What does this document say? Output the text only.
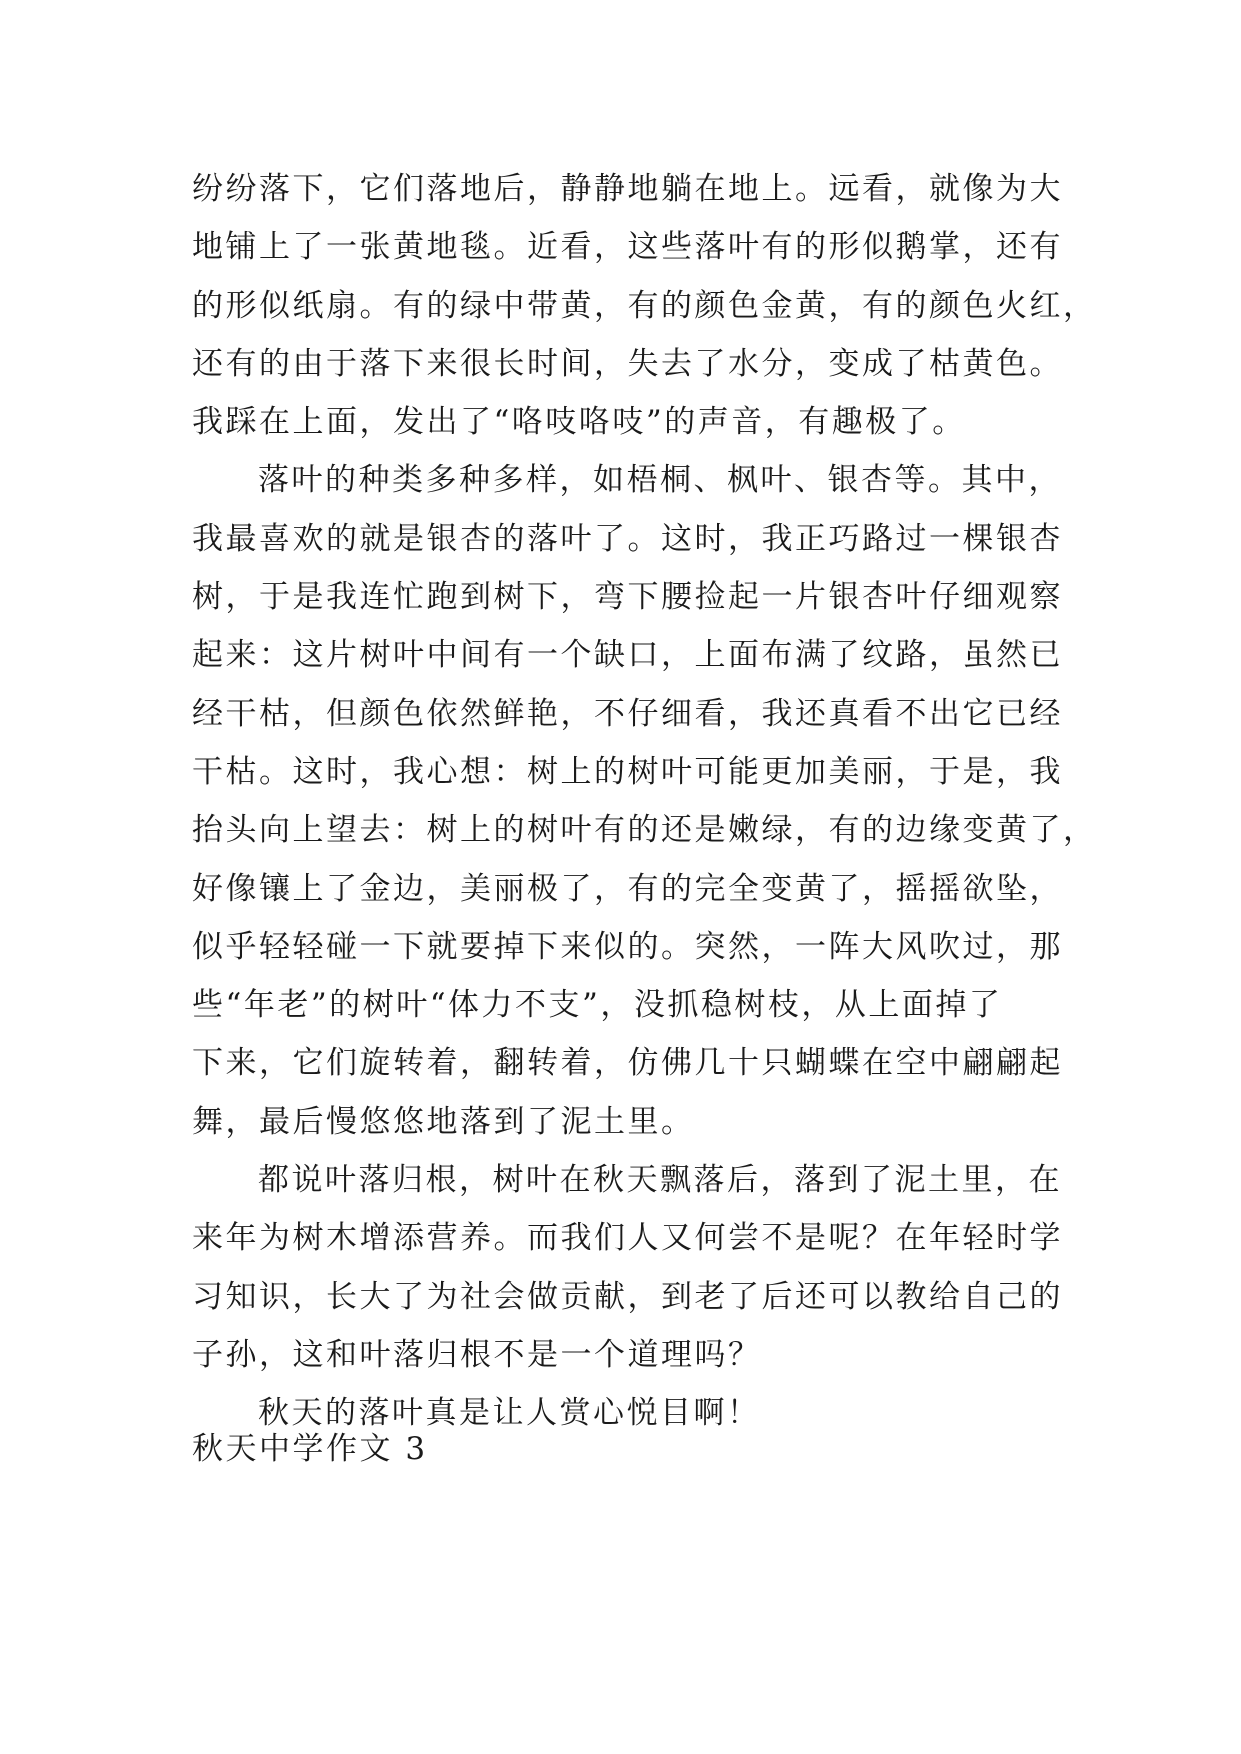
纷纷落下，它们落地后，静静地躺在地上。远看，就像为大
地铺上了一张黄地毯。近看，这些落叶有的形似鹅掌，还有
的形似纸扇。有的绿中带黄，有的颜色金黄，有的颜色火红，
还有的由于落下来很长时间，失去了水分，变成了枯黄色。
我踩在上面，发出了“咯吱咯吱”的声音，有趣极了。
落叶的种类多种多样，如梧桐、枫叶、银杏等。其中，
我最喜欢的就是银杏的落叶了。这时，我正巧路过一棵银杏
树，于是我连忙跑到树下，弯下腰捡起一片银杏叶仔细观察
起来：这片树叶中间有一个缺口，上面布满了纹路，虽然已
经干枯，但颜色依然鲜艳，不仔细看，我还真看不出它已经
干枯。这时，我心想：树上的树叶可能更加美丽，于是，我
抬头向上望去：树上的树叶有的还是嫩绿，有的边缘变黄了，
好像镶上了金边，美丽极了，有的完全变黄了，摇摇欲坠，
似乎轻轻碰一下就要掉下来似的。突然，一阵大风吹过，那
些“年老”的树叶“体力不支”，没抓稳树枝，从上面掉了
下来，它们旋转着，翻转着，仿佛几十只蝴蝶在空中翩翩起
舞，最后慢悠悠地落到了泥土里。
都说叶落归根，树叶在秋天飘落后，落到了泥土里，在
来年为树木增添营养。而我们人又何尝不是呢？在年轻时学
习知识，长大了为社会做贡献，到老了后还可以教给自己的
子孙，这和叶落归根不是一个道理吗？
秋天的落叶真是让人赏心悦目啊！
秋天中学作文 3
